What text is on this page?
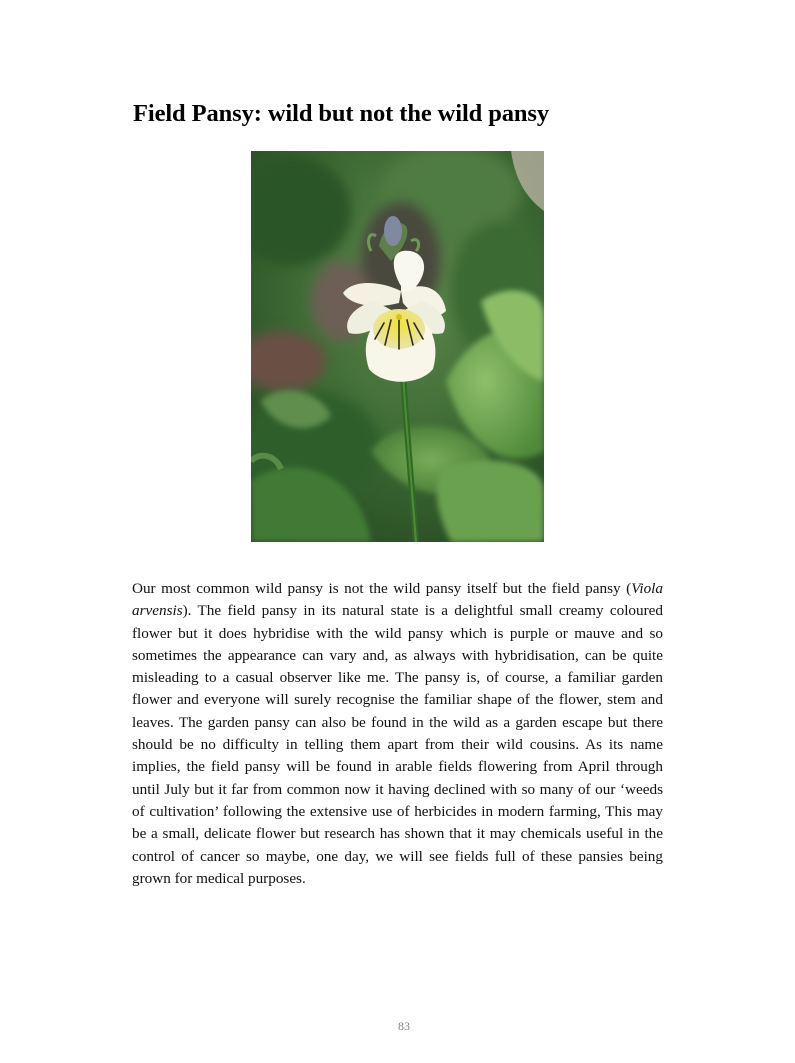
Field Pansy: wild but not the wild pansy

Our most common wild pansy is not the wild pansy itself but the field pansy (Viola arvensis). The field pansy in its natural state is a delightful small creamy coloured flower but it does hybridise with the wild pansy which is purple or mauve and so sometimes the appearance can vary and, as always with hybridisation, can be quite misleading to a casual observer like me. The pansy is, of course, a familiar garden flower and everyone will surely recognise the familiar shape of the flower, stem and leaves. The garden pansy can also be found in the wild as a garden escape but there should be no difficulty in telling them apart from their wild cousins. As its name implies, the field pansy will be found in arable fields flowering from April through until July but it far from common now it having declined with so many of our ‘weeds of cultivation’ following the extensive use of herbicides in modern farming, This may be a small, delicate flower but research has shown that it may chemicals useful in the control of cancer so maybe, one day, we will see fields full of these pansies being grown for medical purposes.

83
